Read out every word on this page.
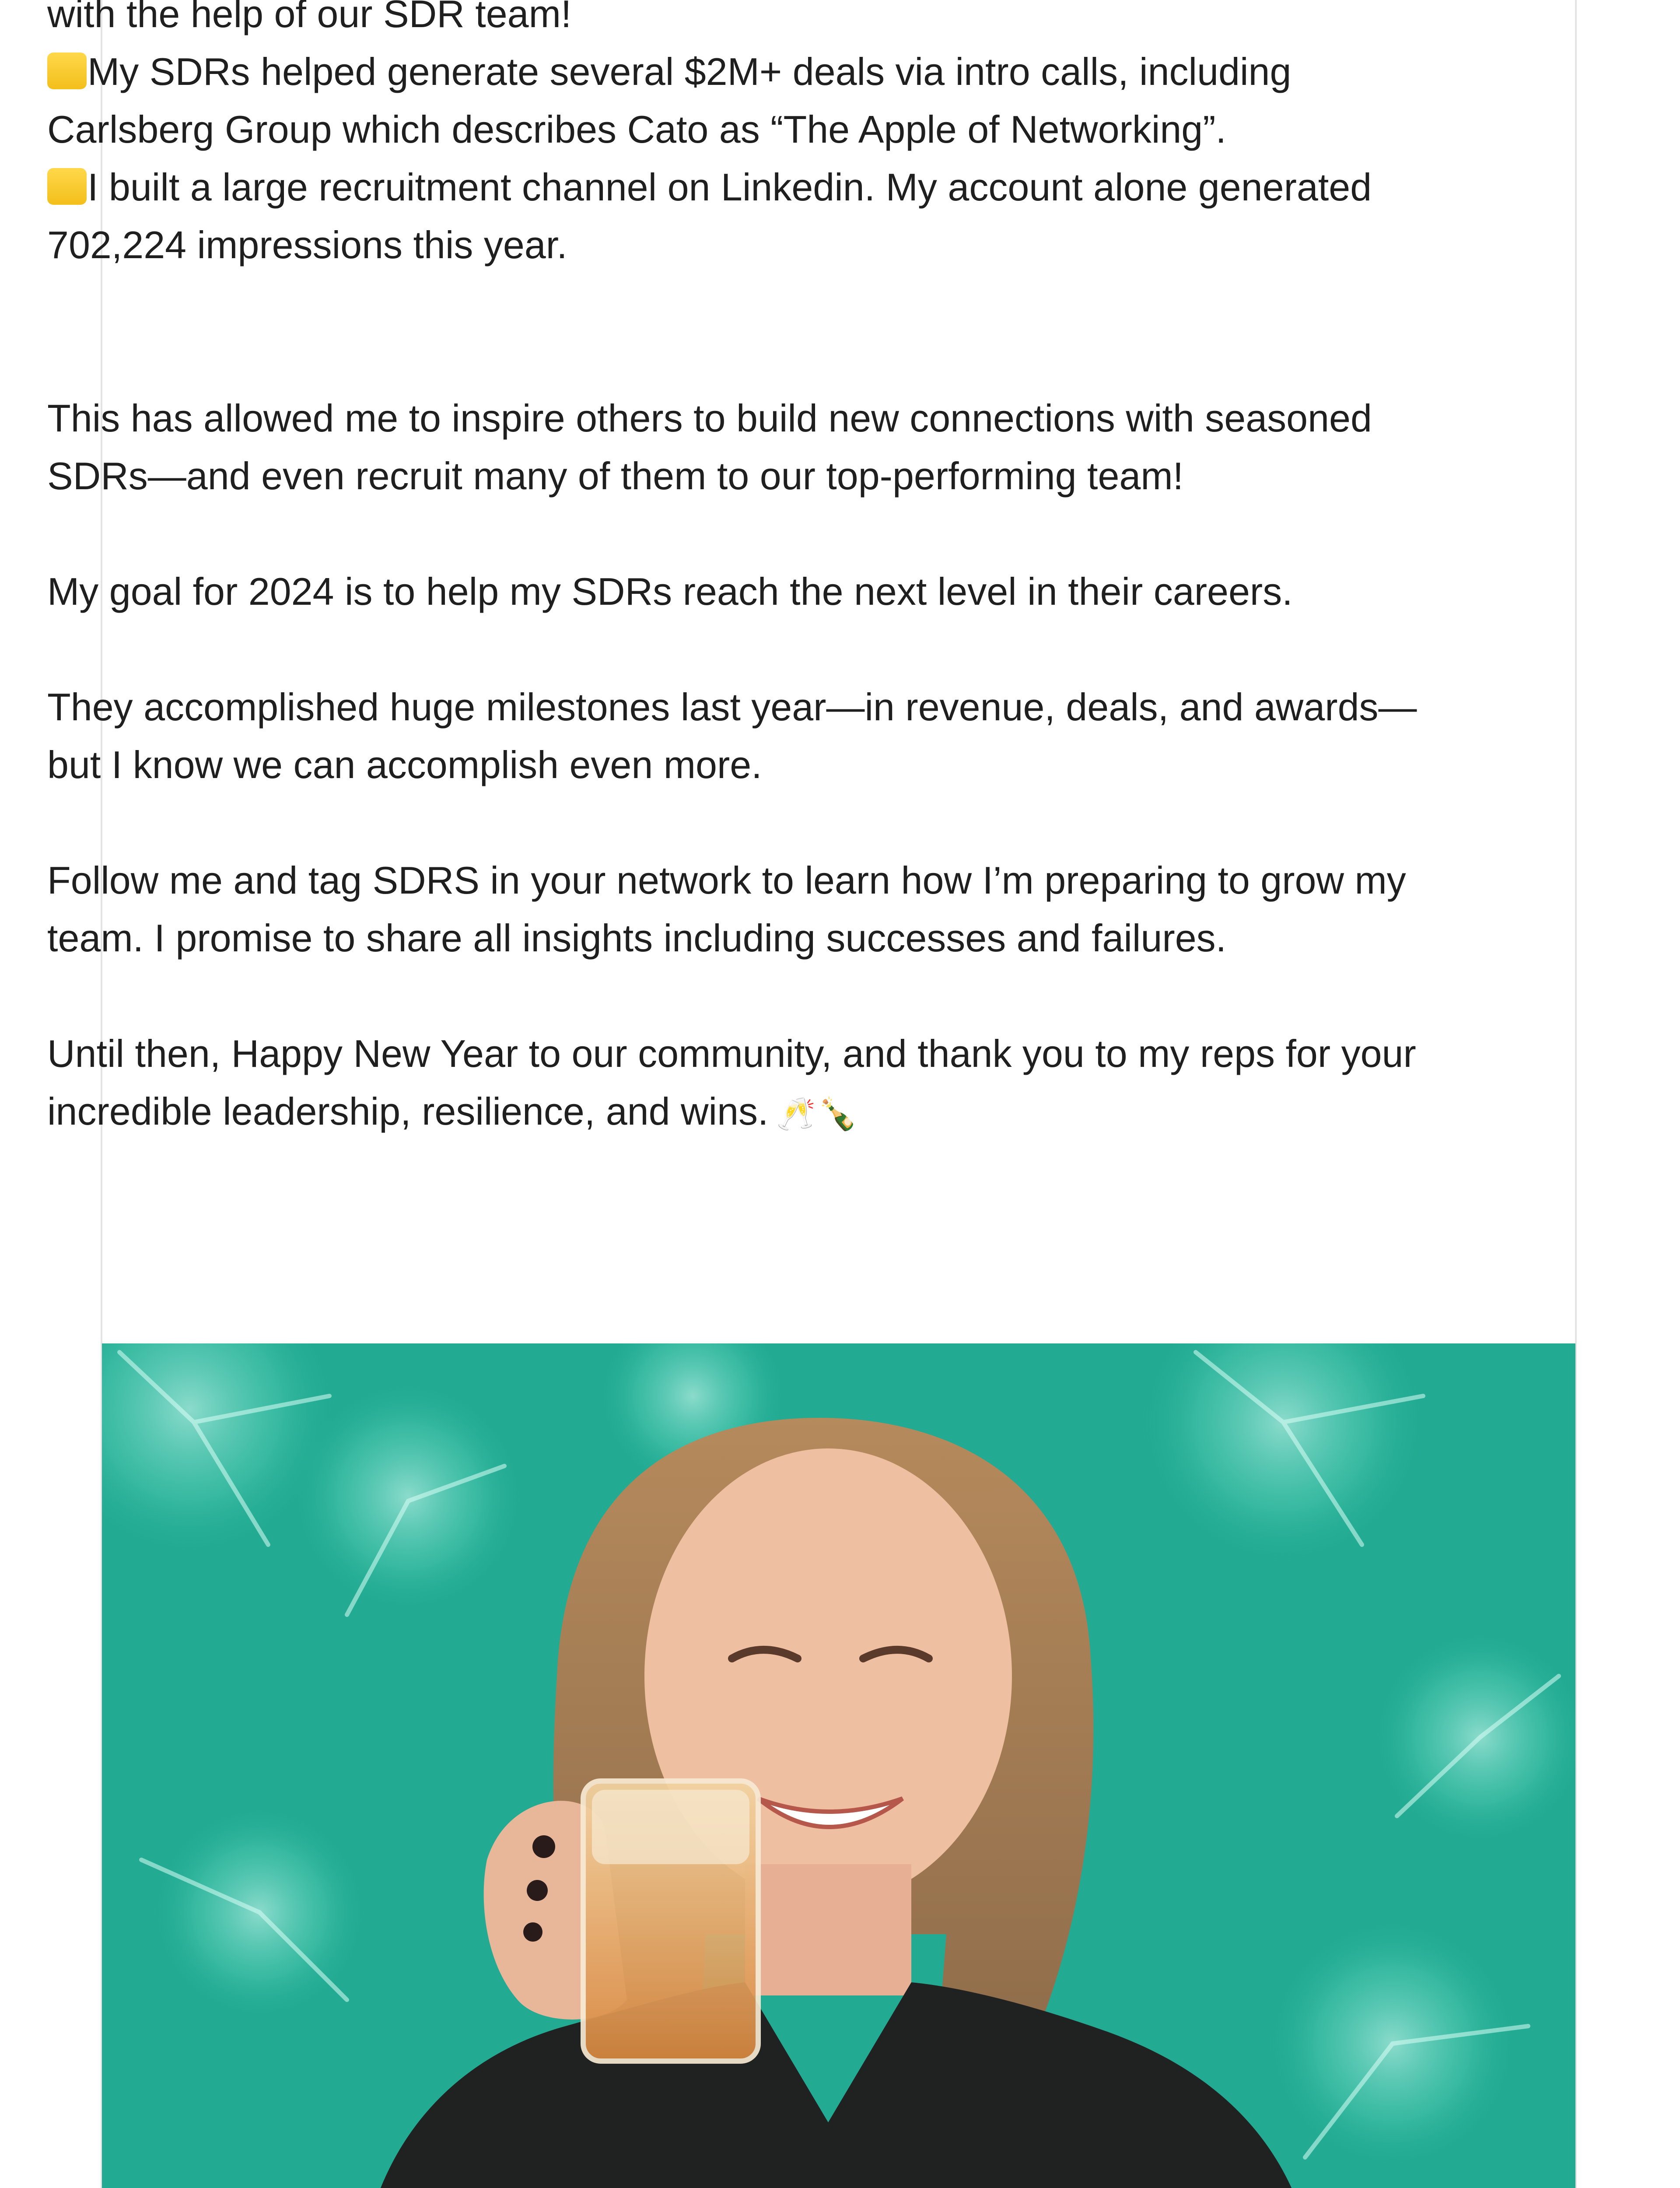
with the help of our SDR team!

My SDRs helped generate several $2M+ deals via intro calls, including Carlsberg Group which describes Cato as “The Apple of Networking”.

I built a large recruitment channel on Linkedin. My account alone generated 702,224 impressions this year.

This has allowed me to inspire others to build new connections with seasoned SDRs—and even recruit many of them to our top-performing team!

My goal for 2024 is to help my SDRs reach the next level in their careers.

They accomplished huge milestones last year—in revenue, deals, and awards—but I know we can accomplish even more.

Follow me and tag SDRS in your network to learn how I’m preparing to grow my team. I promise to share all insights including successes and failures.

Until then, Happy New Year to our community, and thank you to my reps for your incredible leadership, resilience, and wins. 🥂🍾
